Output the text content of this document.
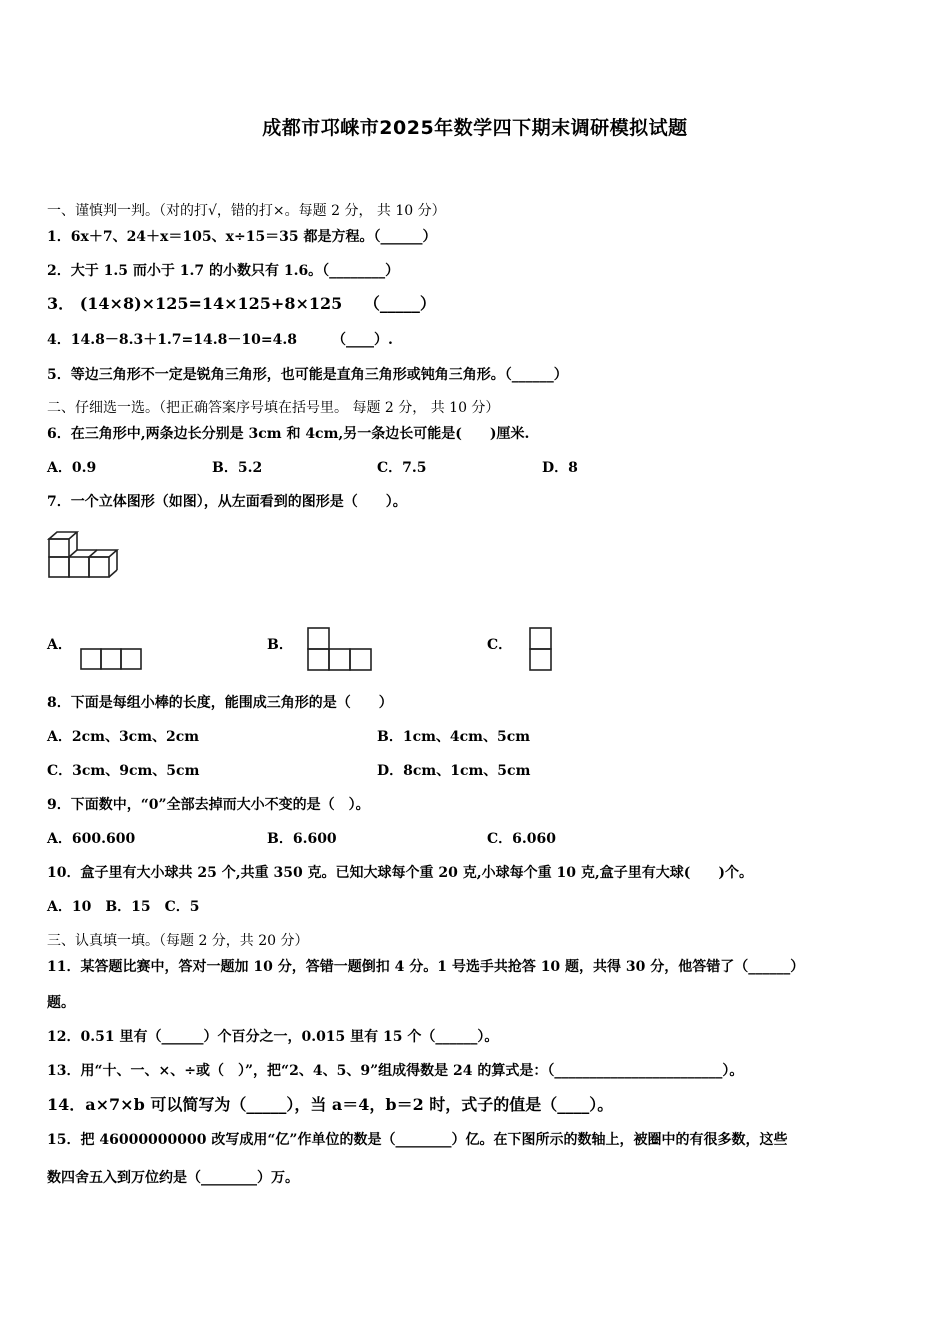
成都市邛崃市2025年数学四下期末调研模拟试题
一、谨慎判一判。（对的打√，错的打×。每题 2 分， 共 10 分）
1．6x＋7、24＋x＝105、x÷15＝35 都是方程。（______）
2．大于 1.5 而小于 1.7 的小数只有 1.6。（________）
3． (14×8)×125=14×125+8×125　 （_____）
4．14.8－8.3＋1.7=14.8－10=4.8　　　（____）.
5．等边三角形不一定是锐角三角形，也可能是直角三角形或钝角三角形。（______）
二、仔细选一选。（把正确答案序号填在括号里。 每题 2 分， 共 10 分）
6．在三角形中,两条边长分别是 3cm 和 4cm,另一条边长可能是(　　)厘米.
A．0.9	B．5.2	C．7.5	D．8
7．一个立体图形（如图），从左面看到的图形是（　　）。
A．	B．	C．
8．下面是每组小棒的长度，能围成三角形的是（　　）
A．2cm、3cm、2cm	B．1cm、4cm、5cm
C．3cm、9cm、5cm	D．8cm、1cm、5cm
9．下面数中，“0”全部去掉而大小不变的是（　）。
A．600.600	B．6.600	C．6.060
10．盒子里有大小球共 25 个,共重 350 克。已知大球每个重 20 克,小球每个重 10 克,盒子里有大球(　　)个。
A．10　B．15　C．5
三、认真填一填。（每题 2 分，共 20 分）
11．某答题比赛中，答对一题加 10 分，答错一题倒扣 4 分。1 号选手共抢答 10 题，共得 30 分，他答错了（______）
题。
12．0.51 里有（______）个百分之一，0.015 里有 15 个（______）。
13．用“十、一、×、÷或（　）”，把“2、4、5、9”组成得数是 24 的算式是：（________________________）。
14．a×7×b 可以简写为（_____），当 a＝4，b＝2 时，式子的值是（____）。
15．把 46000000000 改写成用“亿”作单位的数是（________）亿。在下图所示的数轴上，被圈中的有很多数，这些
数四舍五入到万位约是（________）万。
